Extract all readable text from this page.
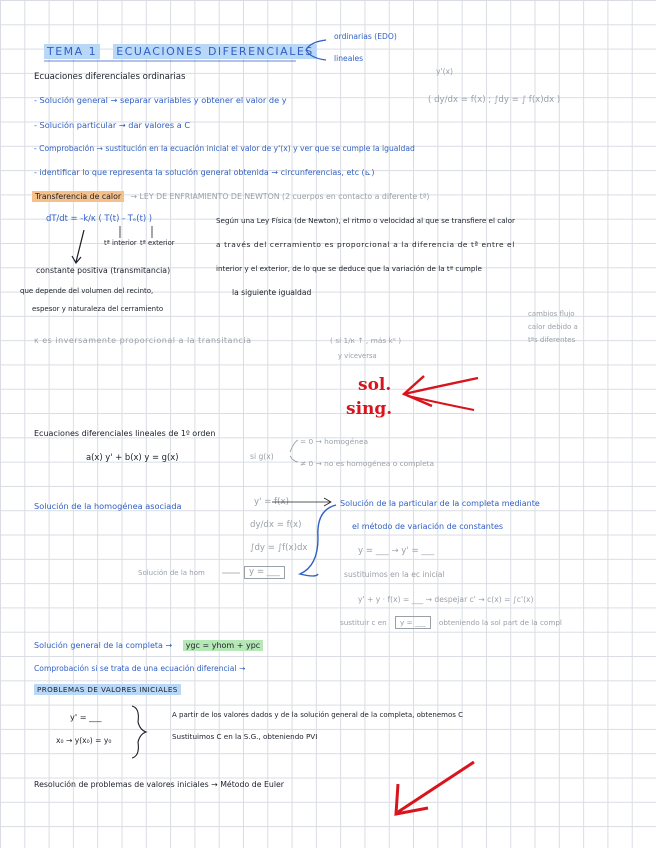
TEMA 1 ECUACIONES DIFERENCIALES
ordinarias (EDO)
lineales
Ecuaciones diferenciales ordinarias
y'(x)
- Solución general → separar variables y obtener el valor de y	( dy/dx = f(x) ; ∫dy = ∫ f(x)dx )
- Solución particular → dar valores a C
- Comprobación → sustitución en la ecuación inicial el valor de y'(x) y ver que se cumple la igualdad
- identificar lo que representa la solución general obtenida → circunferencias, etc (⊾)
Transferencia de calor → LEY DE ENFRIAMIENTO DE NEWTON (2 cuerpos en contacto a diferente tª)
dT/dt = -k/κ ( T(t) - Tₑ(t) )
tª interior tª exterior
constante positiva (transmitancia)
que depende del volumen del recinto,
espesor y naturaleza del cerramiento
Según una Ley Física (de Newton), el ritmo o velocidad al que se transfiere el calor
a través del cerramiento es proporcional a la diferencia de tª entre el
interior y el exterior, de lo que se deduce que la variación de la tª cumple
la siguiente igualdad
cambios flujo
calor debido a
tªs diferentes
κ es inversamente proporcional a la transitancia	( si 1/κ ↑ , más kᵉ )
y viceversa
sol.
sing.
Ecuaciones diferenciales lineales de 1º orden
a(x) y' + b(x) y = g(x)	si g(x)
= 0 → homogénea
≠ 0 → no es homogénea o completa
Solución de la homogénea asociada	y' = f(x)
dy/dx = f(x)
∫dy = ∫f(x)dx
Solución de la hom	y = ___
Solución de la particular de la completa mediante
el método de variación de constantes
y = ___ → y' = ___
sustituimos en la ec inicial
y' + y · f(x) = ___ → despejar c' → c(x) = ∫c'(x)
sustituir c en y = ___ obteniendo la sol part de la compl
Solución general de la completa → ygc = yhom + ypc
Comprobación si se trata de una ecuación diferencial →
PROBLEMAS DE VALORES INICIALES
y' = ___
x₀ → y(x₀) = y₀
A partir de los valores dados y de la solución general de la completa, obtenemos C
Sustituimos C en la S.G., obteniendo PVI
Resolución de problemas de valores iniciales → Método de Euler
